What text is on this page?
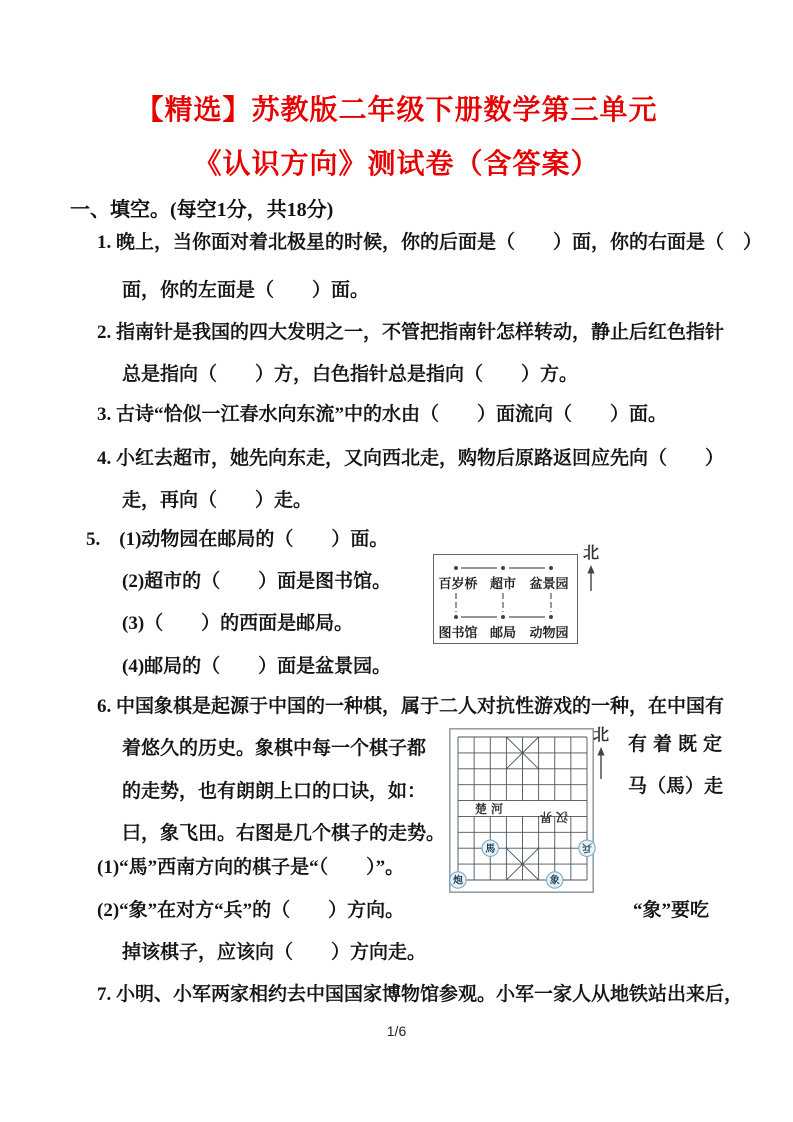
【精选】苏教版二年级下册数学第三单元
《认识方向》测试卷（含答案）
一、填空。(每空1分，共18分)
1. 晚上，当你面对着北极星的时候，你的后面是（　　）面，你的右面是（　）
面，你的左面是（　　）面。
2. 指南针是我国的四大发明之一，不管把指南针怎样转动，静止后红色指针
总是指向（　　）方，白色指针总是指向（　　）方。
3. 古诗“恰似一江春水向东流”中的水由（　　）面流向（　　）面。
4. 小红去超市，她先向东走，又向西北走，购物后原路返回应先向（　　）
走，再向（　　）走。
5.　(1)动物园在邮局的（　　）面。
(2)超市的（　　）面是图书馆。
(3)（　　）的西面是邮局。
(4)邮局的（　　）面是盆景园。
百岁桥 超市 盆景园
图书馆 邮局 动物园
北
6. 中国象棋是起源于中国的一种棋，属于二人对抗性游戏的一种，在中国有
着悠久的历史。象棋中每一个棋子都	有着既定
的走势，也有朗朗上口的口诀，如：	马（馬）走
曰，象飞田。右图是几个棋子的走势。
(1)“馬”西南方向的棋子是“（　　）”。
(2)“象”在对方“兵”的（　　）方向。	“象”要吃
掉该棋子，应该向（　　）方向走。
楚河
汉界
馬	兵
炮	象
北
7. 小明、小军两家相约去中国国家博物馆参观。小军一家人从地铁站出来后，
1/6
